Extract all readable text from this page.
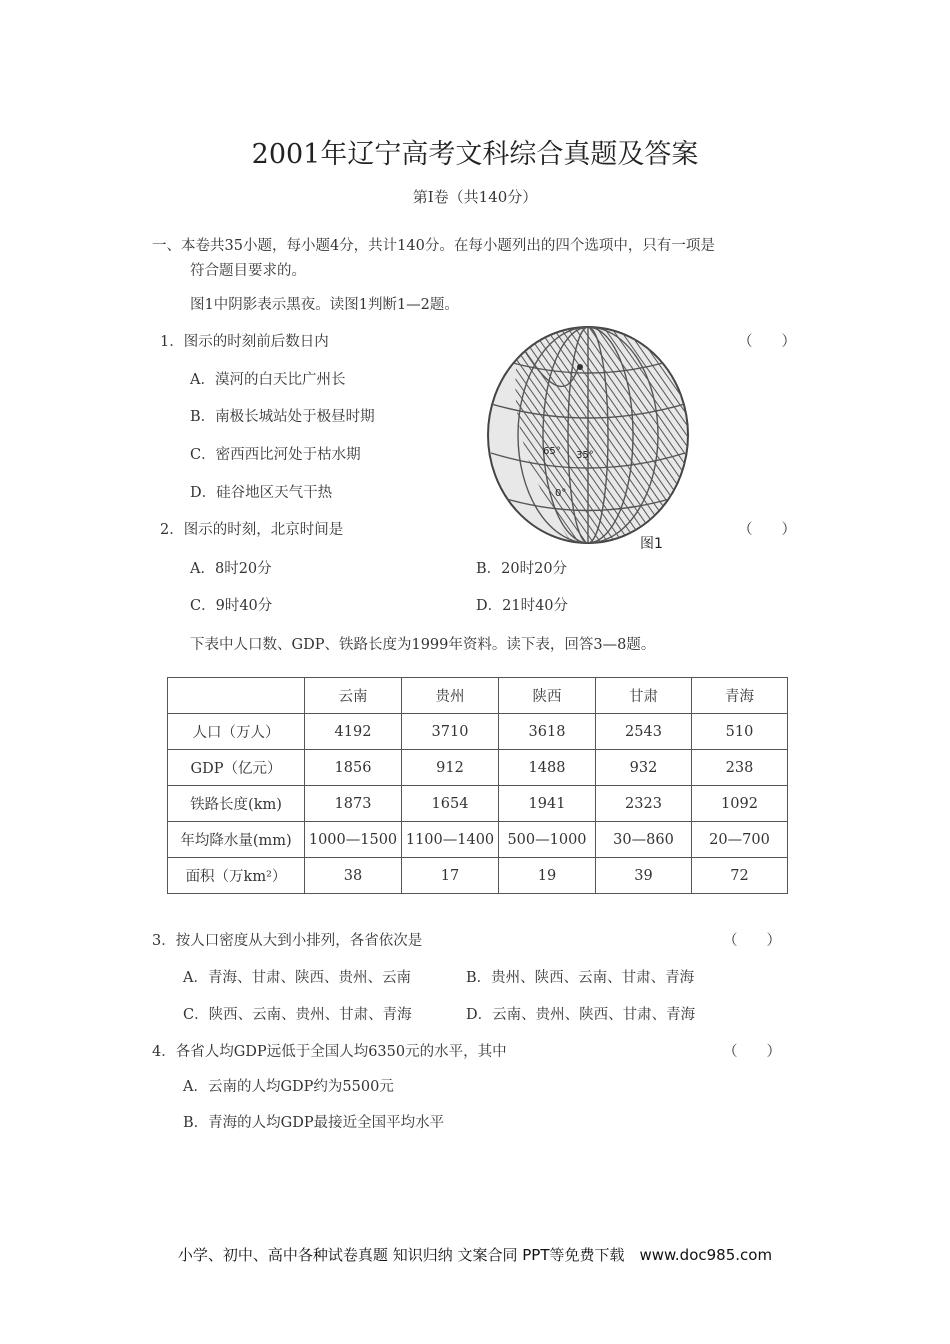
2001年辽宁高考文科综合真题及答案
第Ⅰ卷（共140分）
一、本卷共35小题，每小题4分，共计140分。在每小题列出的四个选项中，只有一项是
符合题目要求的。
图1中阴影表示黑夜。读图1判断1—2题。
1．图示的时刻前后数日内	（　　）
A．漠河的白天比广州长
B．南极长城站处于极昼时期
C．密西西比河处于枯水期
D．硅谷地区天气干热
65° 35°
0°
图1
2．图示的时刻，北京时间是	（　　）
A．8时20分	B．20时20分
C．9时40分	D．21时40分
下表中人口数、GDP、铁路长度为1999年资料。读下表，回答3—8题。
	云南	贵州	陕西	甘肃	青海
人口（万人）	4192	3710	3618	2543	510
GDP（亿元）	1856	912	1488	932	238
铁路长度(km)	1873	1654	1941	2323	1092
年均降水量(mm)	1000—1500	1100—1400	500—1000	30—860	20—700
面积（万km²）	38	17	19	39	72
3．按人口密度从大到小排列，各省依次是	（　　）
A．青海、甘肃、陕西、贵州、云南	B．贵州、陕西、云南、甘肃、青海
C．陕西、云南、贵州、甘肃、青海	D．云南、贵州、陕西、甘肃、青海
4．各省人均GDP远低于全国人均6350元的水平，其中	（　　）
A．云南的人均GDP约为5500元
B．青海的人均GDP最接近全国平均水平
小学、初中、高中各种试卷真题 知识归纳 文案合同 PPT等免费下载　www.doc985.com
